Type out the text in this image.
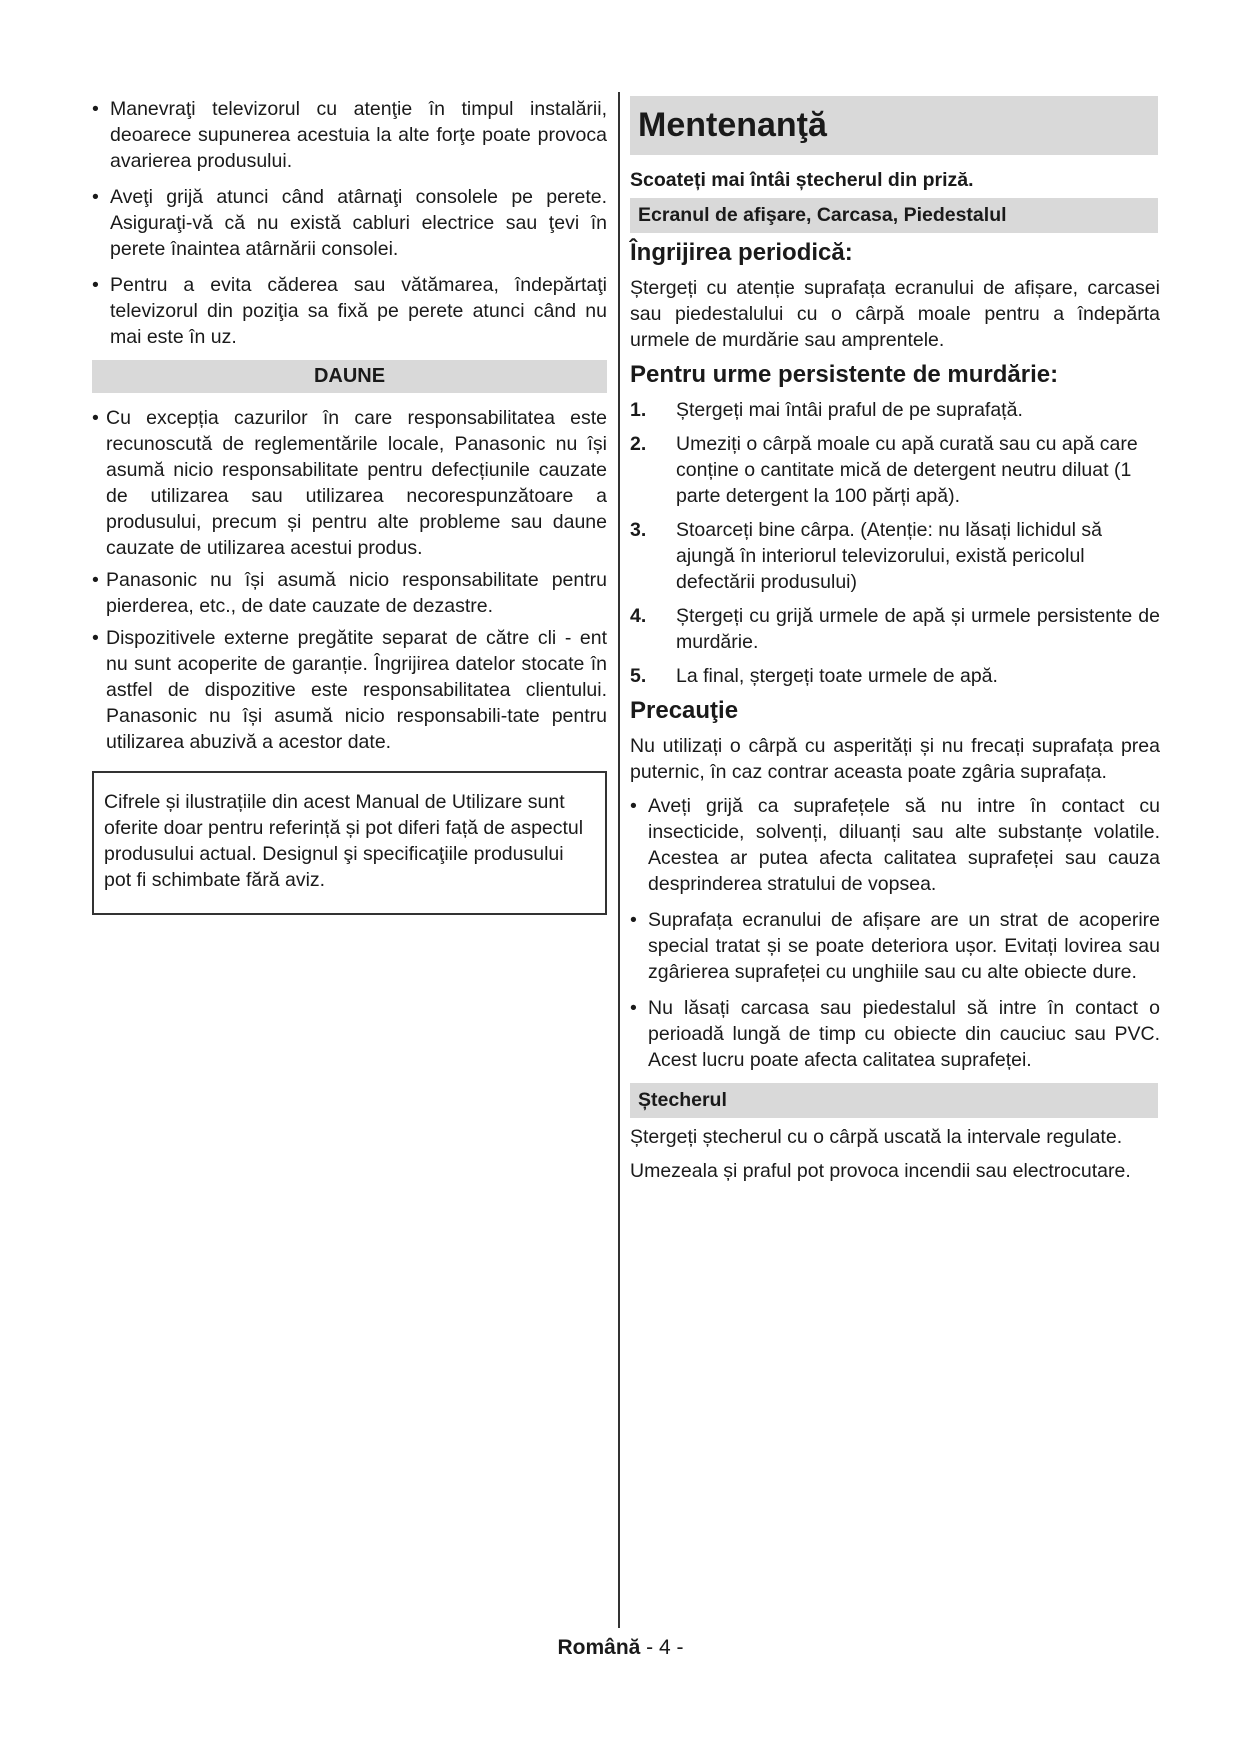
• Manevraţi televizorul cu atenţie în timpul instalării, deoarece supunerea acestuia la alte forţe poate provoca avarierea produsului.
• Aveţi grijă atunci când atârnaţi consolele pe perete. Asiguraţi-vă că nu există cabluri electrice sau ţevi în perete înaintea atârnării consolei.
• Pentru a evita căderea sau vătămarea, îndepărtaţi televizorul din poziţia sa fixă pe perete atunci când nu mai este în uz.
DAUNE
• Cu excepția cazurilor în care responsabilitatea este recunoscută de reglementările locale, Panasonic nu își asumă nicio responsabilitate pentru defecțiunile cauzate de utilizarea sau utilizarea necorespunzătoare a produsului, precum și pentru alte probleme sau daune cauzate de utilizarea acestui produs.
• Panasonic nu își asumă nicio responsabilitate pentru pierderea, etc., de date cauzate de dezastre.
• Dispozitivele externe pregătite separat de către cli - ent nu sunt acoperite de garanție. Îngrijirea datelor stocate în astfel de dispozitive este responsabilitatea clientului. Panasonic nu își asumă nicio responsabili-tate pentru utilizarea abuzivă a acestor date.

Cifrele și ilustrațiile din acest Manual de Utilizare sunt oferite doar pentru referință și pot diferi față de aspectul produsului actual. Designul şi specificaţiile produsului pot fi schimbate fără aviz.

Mentenanţă
Scoateți mai întâi ștecherul din priză.
Ecranul de afişare, Carcasa, Piedestalul
Îngrijirea periodică:

Ștergeți cu atenție suprafața ecranului de afișare, carcasei sau piedestalului cu o cârpă moale pentru a îndepărta urmele de murdărie sau amprentele.

Pentru urme persistente de murdărie:
1.	Ștergeți mai întâi praful de pe suprafață.
2.	Umeziți o cârpă moale cu apă curată sau cu apă care conține o cantitate mică de detergent neutru diluat (1 parte detergent la 100 părți apă).
3.	Stoarceți bine cârpa. (Atenție: nu lăsați lichidul să ajungă în interiorul televizorului, există pericolul defectării produsului)
4.	Ștergeți cu grijă urmele de apă și urmele persistente de murdărie.
5.	La final, ștergeți toate urmele de apă.
Precauţie

Nu utilizați o cârpă cu asperități și nu frecați suprafața prea puternic, în caz contrar aceasta poate zgâria suprafața.

• Aveți grijă ca suprafețele să nu intre în contact cu insecticide, solvenți, diluanți sau alte substanțe volatile. Acestea ar putea afecta calitatea suprafeței sau cauza desprinderea stratului de vopsea.
• Suprafața ecranului de afișare are un strat de acoperire special tratat și se poate deteriora ușor. Evitați lovirea sau zgârierea suprafeței cu unghiile sau cu alte obiecte dure.
• Nu lăsați carcasa sau piedestalul să intre în contact o perioadă lungă de timp cu obiecte din cauciuc sau PVC. Acest lucru poate afecta calitatea suprafeței.
Ștecherul

Ștergeți ștecherul cu o cârpă uscată la intervale regulate.

Umezeala și praful pot provoca incendii sau electrocutare.

Română - 4 -
